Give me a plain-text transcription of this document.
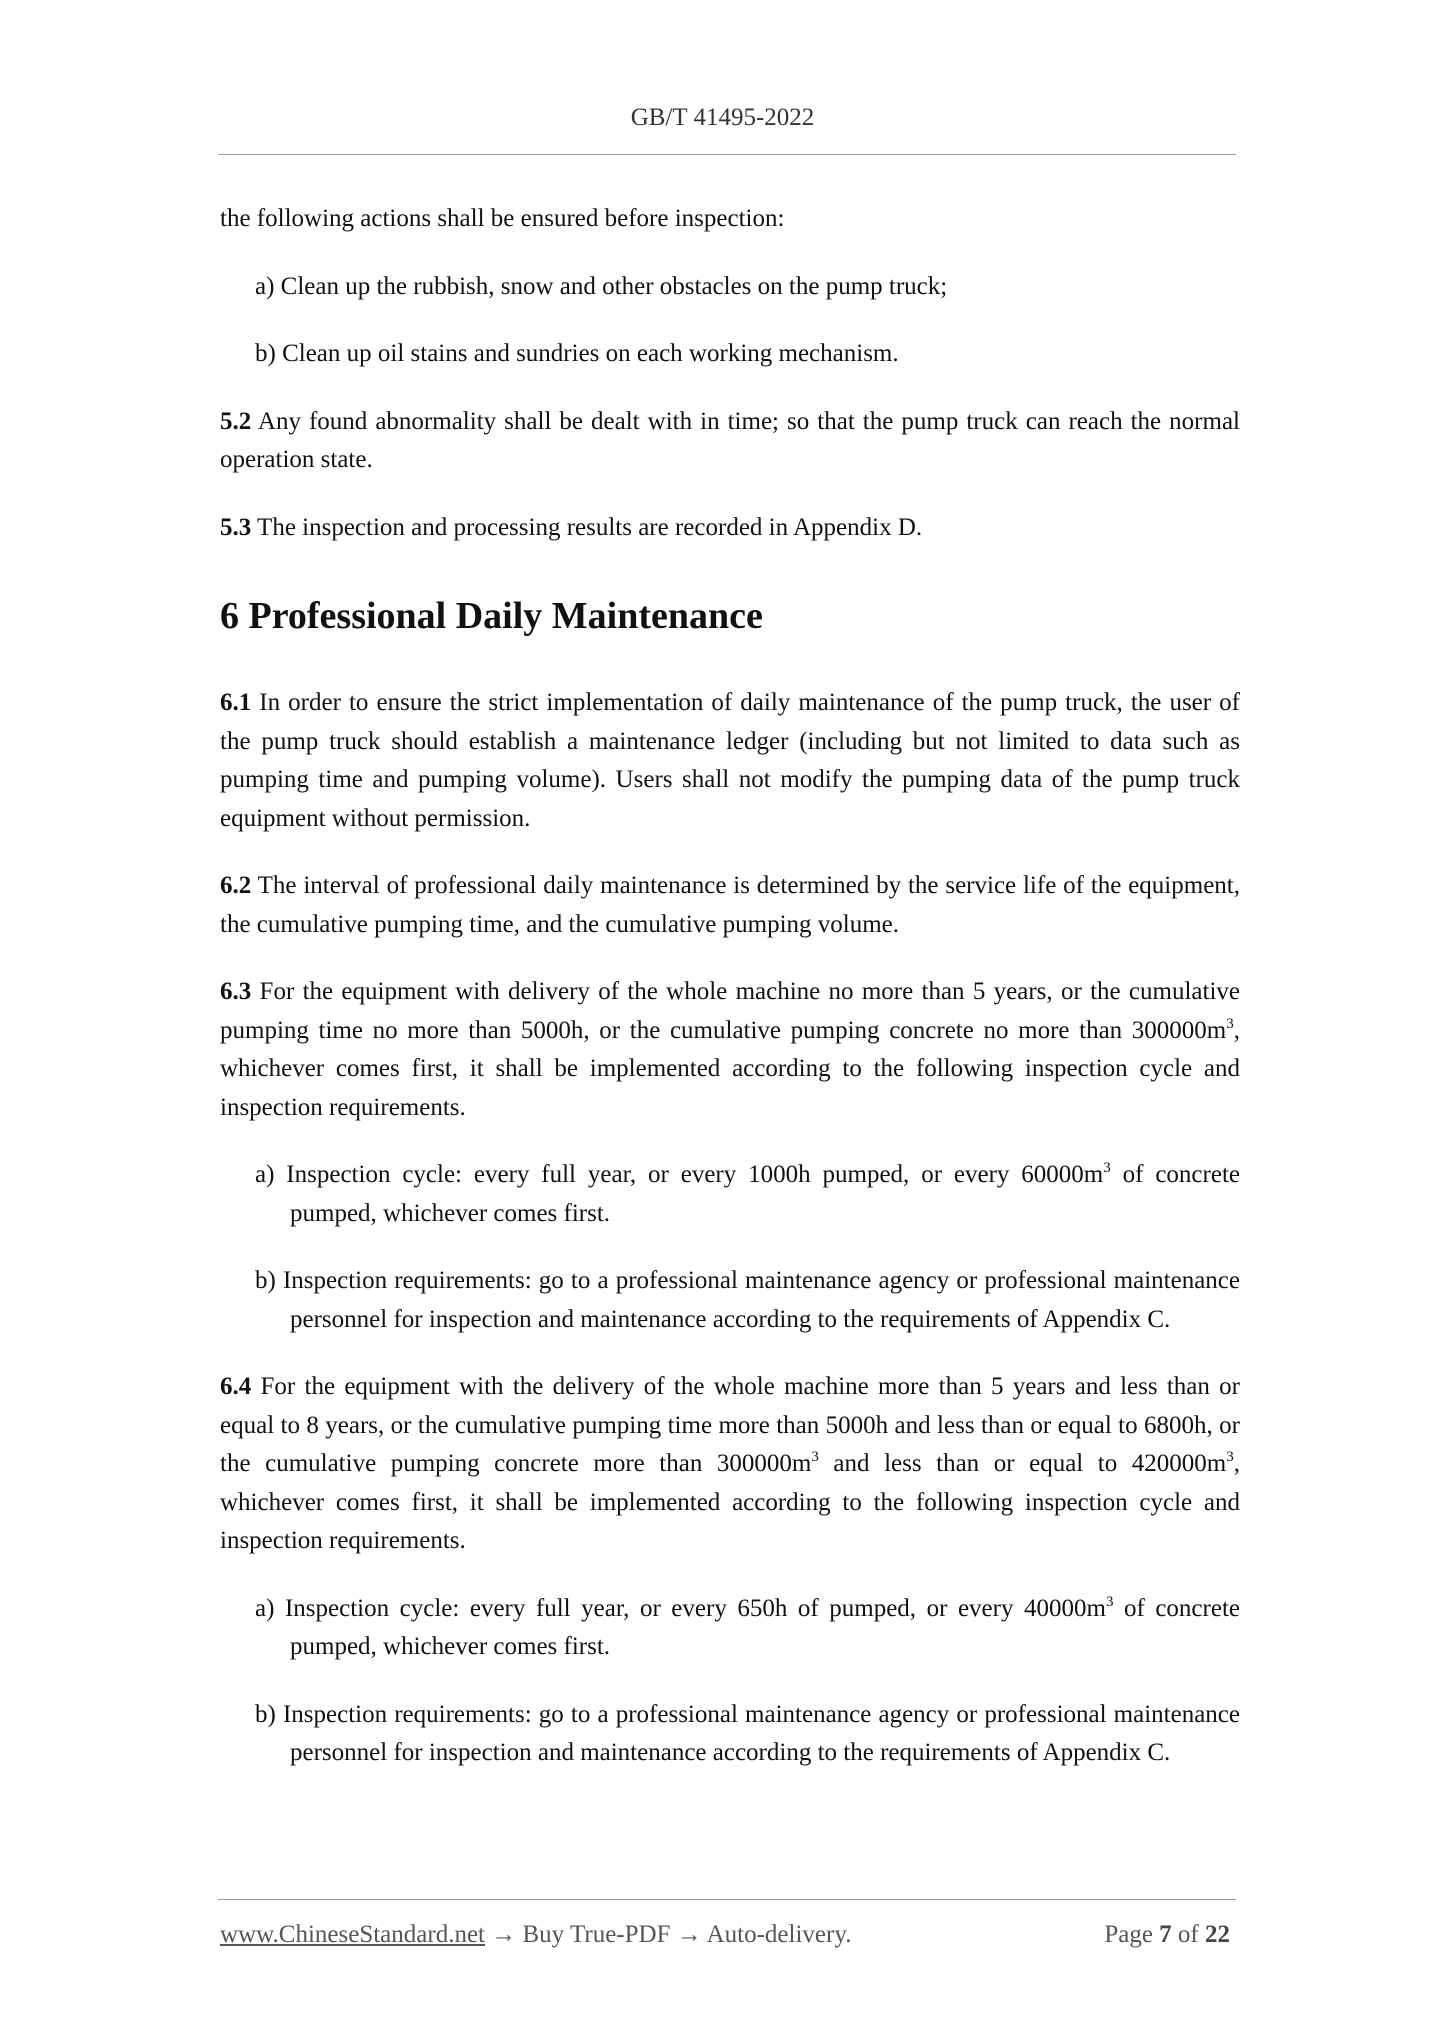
GB/T 41495-2022

the following actions shall be ensured before inspection:

a) Clean up the rubbish, snow and other obstacles on the pump truck;

b) Clean up oil stains and sundries on each working mechanism.

5.2 Any found abnormality shall be dealt with in time; so that the pump truck can reach the normal operation state.

5.3 The inspection and processing results are recorded in Appendix D.

6 Professional Daily Maintenance

6.1 In order to ensure the strict implementation of daily maintenance of the pump truck, the user of the pump truck should establish a maintenance ledger (including but not limited to data such as pumping time and pumping volume). Users shall not modify the pumping data of the pump truck equipment without permission.

6.2 The interval of professional daily maintenance is determined by the service life of the equipment, the cumulative pumping time, and the cumulative pumping volume.

6.3 For the equipment with delivery of the whole machine no more than 5 years, or the cumulative pumping time no more than 5000h, or the cumulative pumping concrete no more than $300000m^3$, whichever comes first, it shall be implemented according to the following inspection cycle and inspection requirements.

a) Inspection cycle: every full year, or every 1000h pumped, or every $60000m^3$ of concrete pumped, whichever comes first.

b) Inspection requirements: go to a professional maintenance agency or professional maintenance personnel for inspection and maintenance according to the requirements of Appendix C.

6.4 For the equipment with the delivery of the whole machine more than 5 years and less than or equal to 8 years, or the cumulative pumping time more than 5000h and less than or equal to 6800h, or the cumulative pumping concrete more than $300000m^3$ and less than or equal to $420000m^3$, whichever comes first, it shall be implemented according to the following inspection cycle and inspection requirements.

a) Inspection cycle: every full year, or every 650h of pumped, or every $40000m^3$ of concrete pumped, whichever comes first.

b) Inspection requirements: go to a professional maintenance agency or professional maintenance personnel for inspection and maintenance according to the requirements of Appendix C.

www.ChineseStandard.net → Buy True-PDF → Auto-delivery.	Page 7 of 22
